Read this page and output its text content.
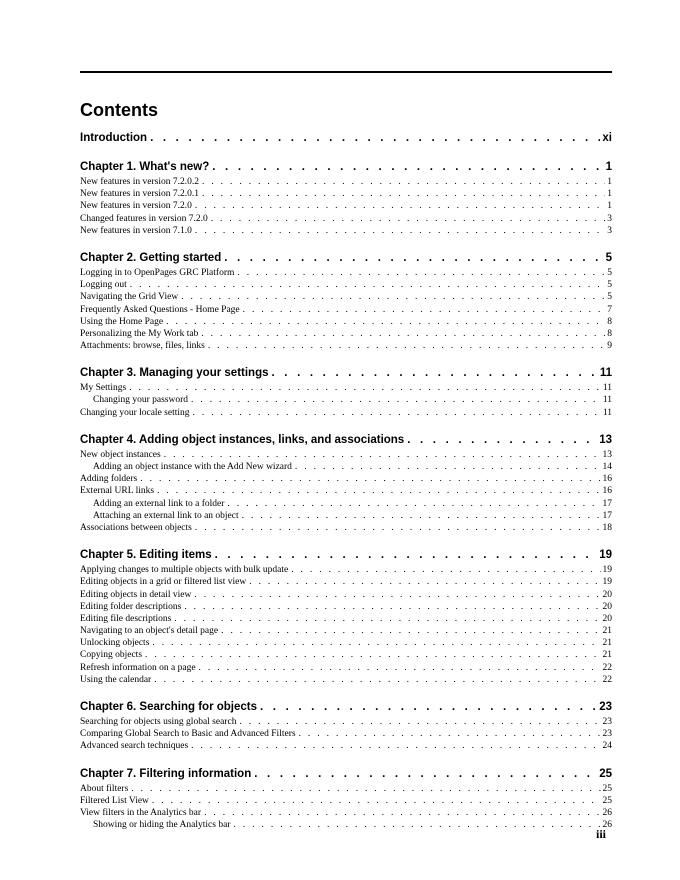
Contents
Introduction . . .	xi
Chapter 1. What's new? . . .	1
New features in version 7.2.0.2 . . .	1
New features in version 7.2.0.1 . . .	1
New features in version 7.2.0 . . .	1
Changed features in version 7.2.0 . . .	3
New features in version 7.1.0 . . .	3
Chapter 2. Getting started . . .	5
Logging in to OpenPages GRC Platform . . .	5
Logging out . . .	5
Navigating the Grid View . . .	5
Frequently Asked Questions - Home Page . . .	7
Using the Home Page . . .	8
Personalizing the My Work tab . . .	8
Attachments: browse, files, links . . .	9
Chapter 3. Managing your settings . . .	11
My Settings . . .	11
Changing your password . . .	11
Changing your locale setting . . .	11
Chapter 4. Adding object instances, links, and associations . . .	13
New object instances . . .	13
Adding an object instance with the Add New wizard . . .	14
Adding folders . . .	16
External URL links . . .	16
Adding an external link to a folder . . .	17
Attaching an external link to an object . . .	17
Associations between objects . . .	18
Chapter 5. Editing items . . .	19
Applying changes to multiple objects with bulk update . . .	19
Editing objects in a grid or filtered list view . . .	19
Editing objects in detail view . . .	20
Editing folder descriptions . . .	20
Editing file descriptions . . .	20
Navigating to an object's detail page . . .	21
Unlocking objects . . .	21
Copying objects . . .	21
Refresh information on a page . . .	22
Using the calendar . . .	22
Chapter 6. Searching for objects . . .	23
Searching for objects using global search . . .	23
Comparing Global Search to Basic and Advanced Filters . . .	23
Advanced search techniques . . .	24
Chapter 7. Filtering information . . .	25
About filters . . .	25
Filtered List View . . .	25
View filters in the Analytics bar . . .	26
Showing or hiding the Analytics bar . . .	26
iii
